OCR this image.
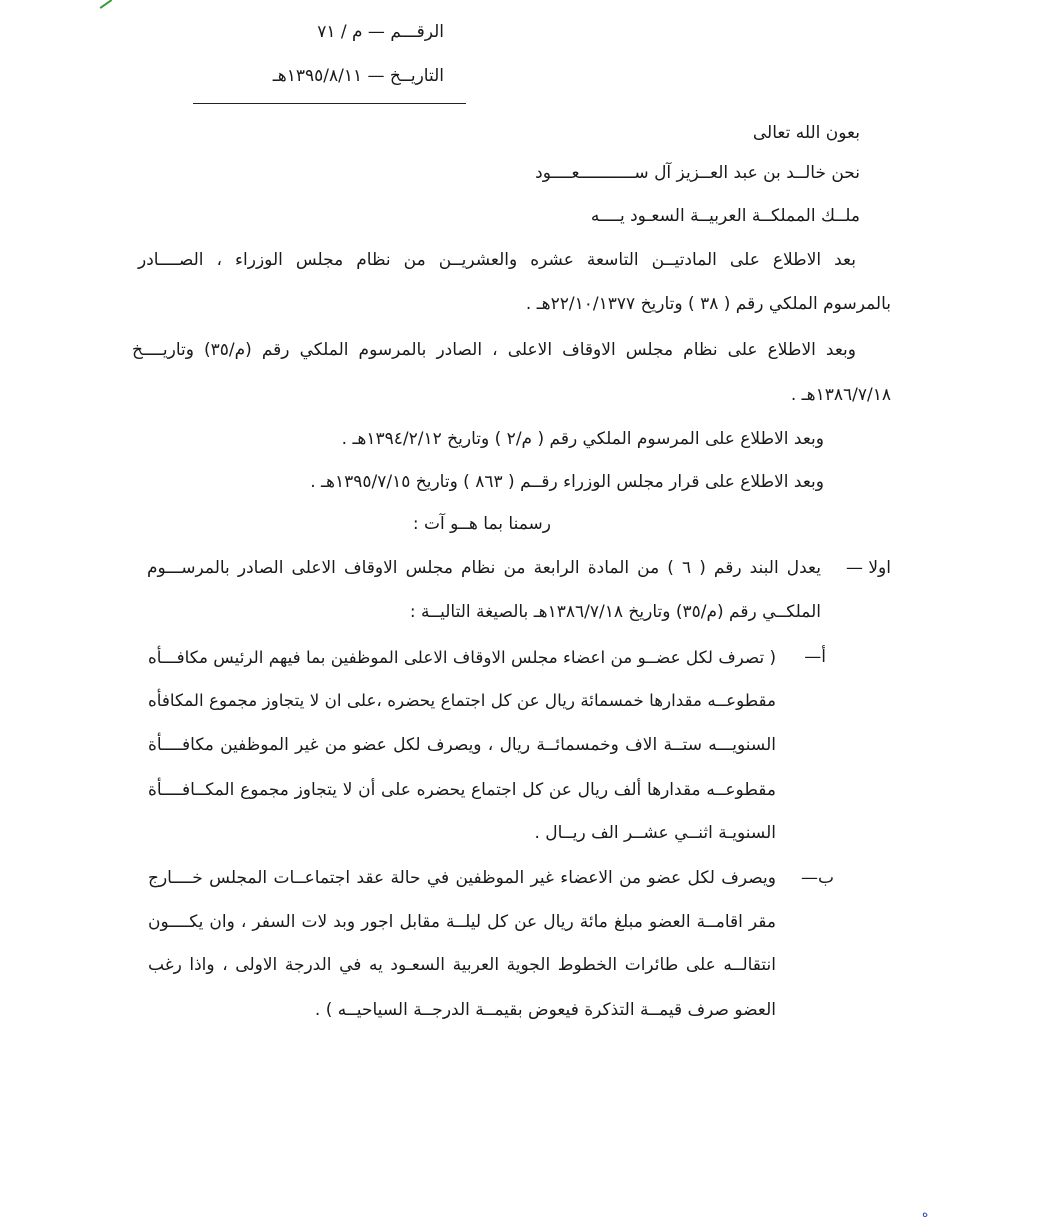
الرقـــم — م / ٧١
التاريــخ — ١٣٩٥/٨/١١هـ
بعون الله تعالى
نحن خالــد بن عبد العــزيز آل ســـــــــــعــــود
ملــك المملكــة العربيــة السعـود يــــه
بعد الاطلاع على المادتيــن التاسعة عشره والعشريــن من نظام مجلس الوزراء ، الصــــادر
بالمرسوم الملكي رقم ( ٣٨ ) وتاريخ ٢٢/١٠/١٣٧٧هـ .
وبعد الاطلاع على نظام مجلس الاوقاف الاعلى ، الصادر بالمرسوم الملكي رقم (م/٣٥) وتاريــــخ
١٣٨٦/٧/١٨هـ .
وبعد الاطلاع على المرسوم الملكي رقم ( م/٢ ) وتاريخ ١٣٩٤/٢/١٢هـ .
وبعد الاطلاع على قرار مجلس الوزراء رقــم ( ٨٦٣ ) وتاريخ ١٣٩٥/٧/١٥هـ .
رسمنا بما هــو آت :
اولا —
يعدل البند رقم ( ٦ ) من المادة الرابعة من نظام مجلس الاوقاف الاعلى الصادر بالمرســـوم
الملكــي رقم (م/٣٥) وتاريخ ١٣٨٦/٧/١٨هـ بالصيغة التاليــة :
أ—
( تصرف لكل عضــو من اعضاء مجلس الاوقاف الاعلى الموظفين بما فيهم الرئيس مكافـــأه
مقطوعــه مقدارها خمسمائة ريال عن كل اجتماع يحضره ،على ان لا يتجاوز مجموع المكافأه
السنويـــه ستــة الاف وخمسمائــة ريال ، ويصرف لكل عضو من غير الموظفين مكافــــأة
مقطوعــه مقدارها ألف ريال عن كل اجتماع يحضره على أن لا يتجاوز مجموع المكــافــــأة
السنويـة اثنــي عشــر الف ريــال .
ب—
ويصرف لكل عضو من الاعضاء غير الموظفين في حالة عقد اجتماعــات المجلس خــــارج
مقر اقامــة العضو مبلغ مائة ريال عن كل ليلــة مقابل اجور وبد لات السفر ، وان يكــــون
انتقالــه على طائرات الخطوط الجوية العربية السعـود يه في الدرجة الاولى ، واذا رغب
العضو صرف قيمــة التذكرة فيعوض بقيمــة الدرجــة السياحيــه ) .
ه
